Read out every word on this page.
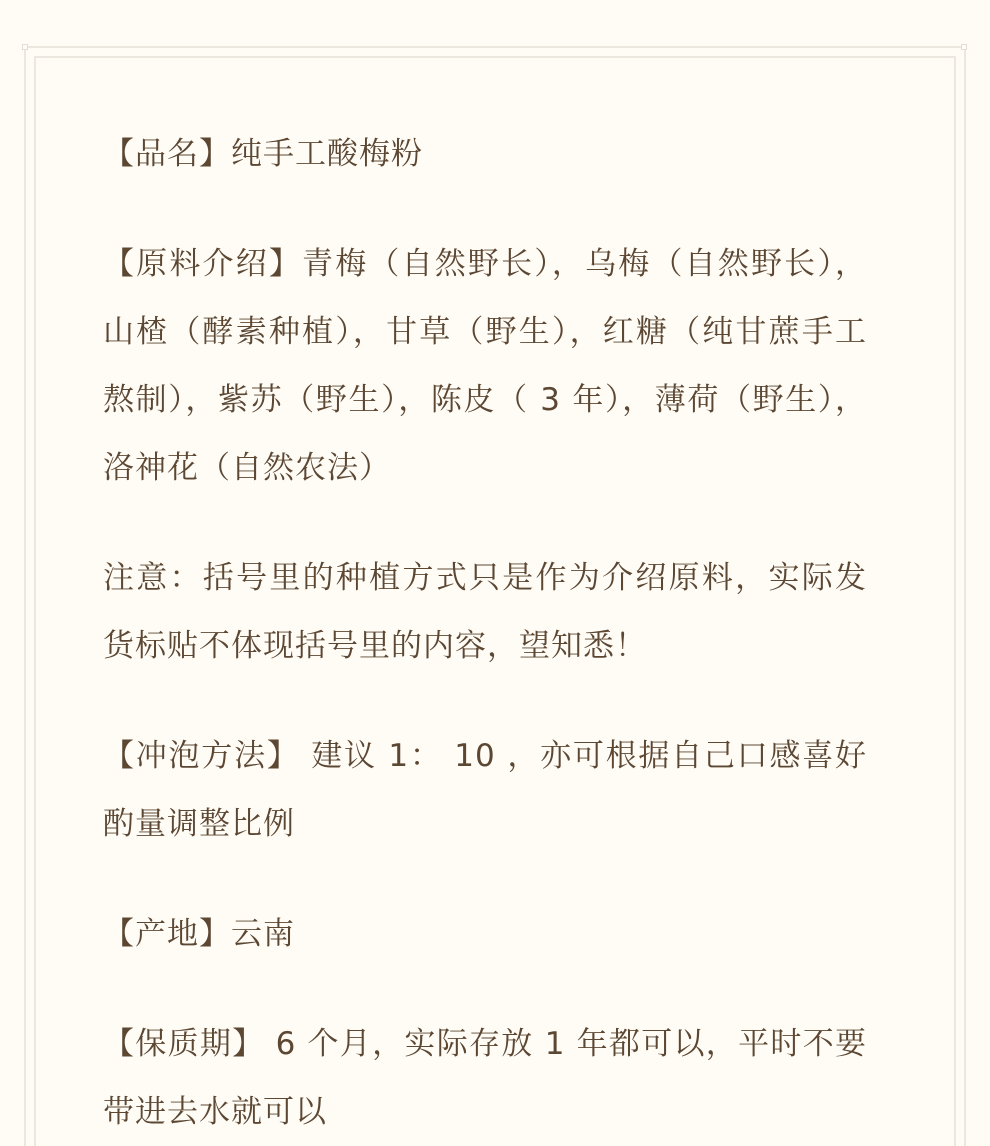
【品名】纯手工酸梅粉

【原料介绍】青梅（自然野长），乌梅（自然野长），山楂（酵素种植），甘草（野生），红糖（纯甘蔗手工熬制），紫苏（野生），陈皮（ 3 年），薄荷（野生），洛神花（自然农法）

注意：括号里的种植方式只是作为介绍原料，实际发货标贴不体现括号里的内容，望知悉！

【冲泡方法】 建议 1： 10 ，亦可根据自己口感喜好酌量调整比例

【产地】云南

【保质期】 6 个月，实际存放 1 年都可以，平时不要带进去水就可以
